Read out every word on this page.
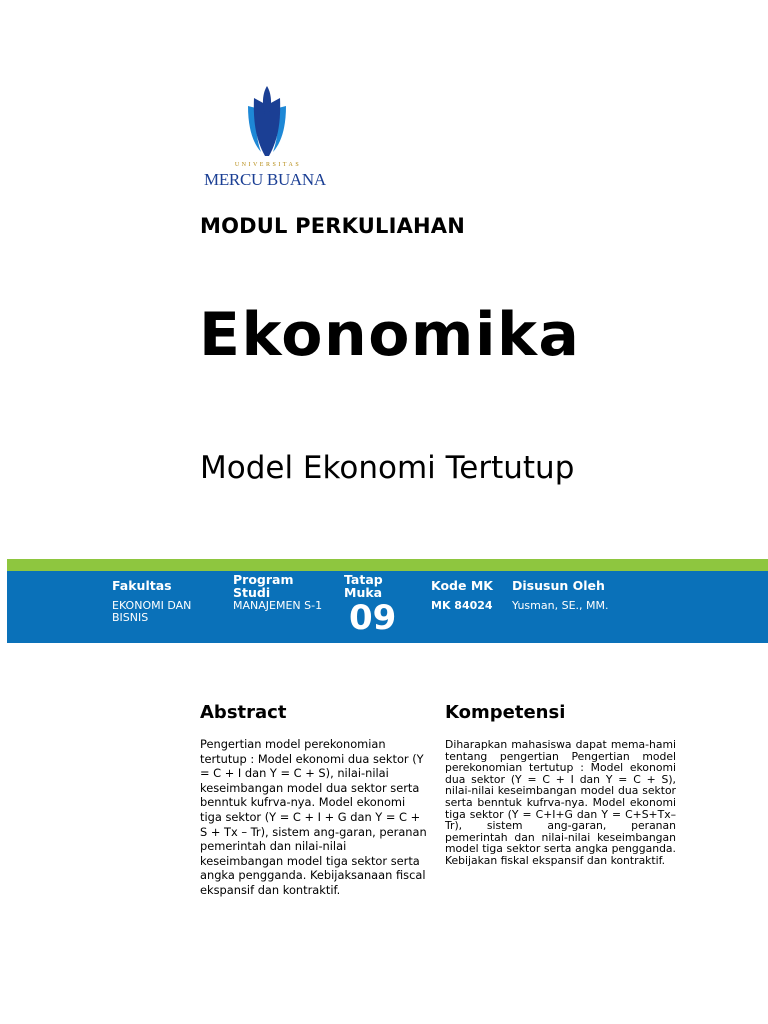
UNIVERSITAS
MERCU BUANA
MODUL PERKULIAHAN
Ekonomika
Model Ekonomi Tertutup
Fakultas
EKONOMI DAN BISNIS
Program Studi
MANAJEMEN S-1
Tatap Muka
09
Kode MK
MK 84024
Disusun Oleh
Yusman, SE., MM.
Abstract
Pengertian model perekonomian tertutup : Model ekonomi dua sektor (Y = C + I dan Y = C + S), nilai-nilai keseimbangan model dua sektor serta benntuk kufrva-nya. Model ekonomi tiga sektor (Y = C + I + G dan Y = C + S + Tx – Tr), sistem ang-garan, peranan pemerintah dan nilai-nilai keseimbangan model tiga sektor serta angka pengganda. Kebijaksanaan fiscal ekspansif dan kontraktif.
Kompetensi
Diharapkan mahasiswa dapat mema-hami tentang pengertian Pengertian model perekonomian tertutup : Model ekonomi dua sektor (Y = C + I dan Y = C + S), nilai-nilai keseimbangan model dua sektor serta benntuk kufrva-nya. Model ekonomi tiga sektor (Y = C+I+G dan Y = C+S+Tx–Tr), sistem ang-garan, peranan pemerintah dan nilai-nilai keseimbangan model tiga sektor serta angka pengganda. Kebijakan fiskal ekspansif dan kontraktif.
